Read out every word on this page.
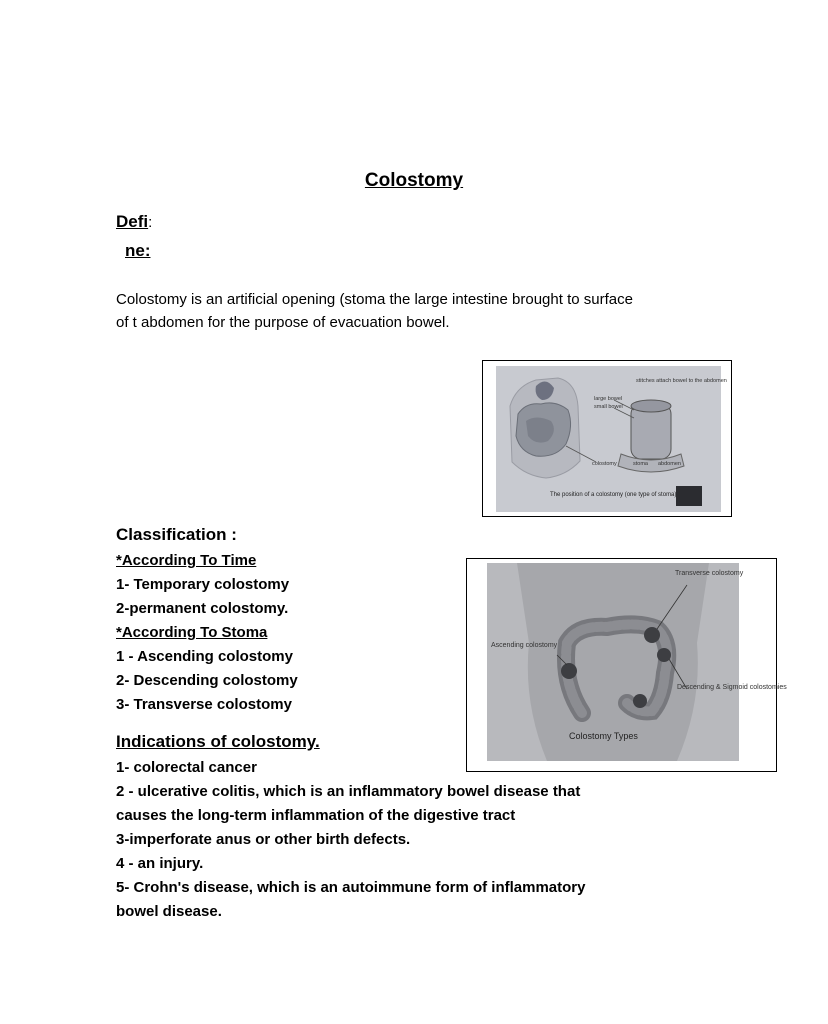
Colostomy
Defi:
ne:
Colostomy is an artificial opening (stoma the large intestine brought to surface of t abdomen for the purpose of evacuation bowel.
stitches attach bowel to the abdomen
large bowel
small bowel
colostomy	stoma abdomen
The position of a colostomy (one type of stoma)
Transverse colostomy
Ascending colostomy
Descending & Sigmoid colostomies
Colostomy Types
Classification :
*According To Time
1- Temporary colostomy
2-permanent colostomy.
*According To Stoma
1 - Ascending colostomy
2- Descending colostomy
3- Transverse colostomy
Indications of colostomy.
1- colorectal cancer
2 - ulcerative colitis, which is an inflammatory bowel disease that
causes the long-term inflammation of the digestive tract
3-imperforate anus or other birth defects.
4 - an injury.
5- Crohn's disease, which is an autoimmune form of inflammatory
bowel disease.
